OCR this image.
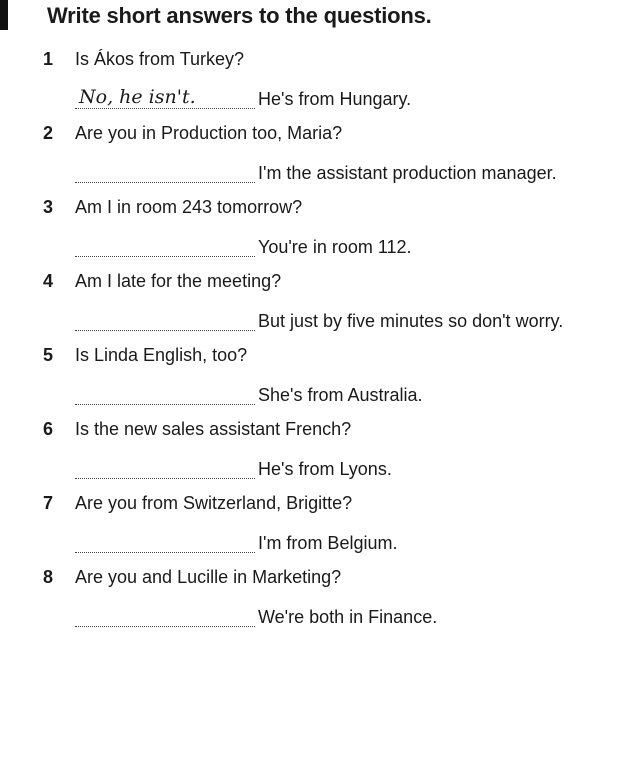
Write short answers to the questions.
1 Is Ákos from Turkey?
No, he isn't.	He's from Hungary.
2 Are you in Production too, Maria?
I'm the assistant production manager.
3 Am I in room 243 tomorrow?
You're in room 112.
4 Am I late for the meeting?
But just by five minutes so don't worry.
5 Is Linda English, too?
She's from Australia.
6 Is the new sales assistant French?
He's from Lyons.
7 Are you from Switzerland, Brigitte?
I'm from Belgium.
8 Are you and Lucille in Marketing?
We're both in Finance.
